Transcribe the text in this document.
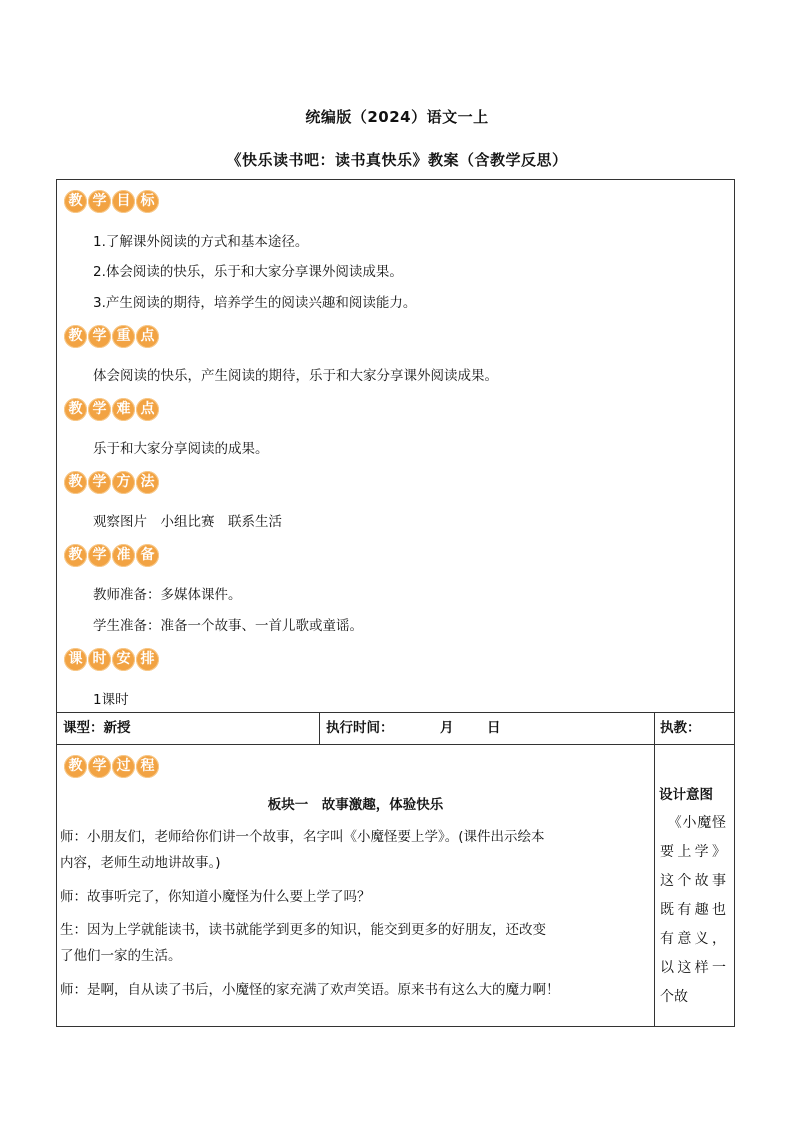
统编版（2024）语文一上
《快乐读书吧：读书真快乐》教案（含教学反思）
教 学 目 标
1.了解课外阅读的方式和基本途径。
2.体会阅读的快乐，乐于和大家分享课外阅读成果。
3.产生阅读的期待，培养学生的阅读兴趣和阅读能力。
教 学 重 点
体会阅读的快乐，产生阅读的期待，乐于和大家分享课外阅读成果。
教 学 难 点
乐于和大家分享阅读的成果。
教 学 方 法
观察图片　小组比赛　联系生活
教 学 准 备
教师准备：多媒体课件。
学生准备：准备一个故事、一首儿歌或童谣。
课 时 安 排
1课时
课型：新授	执行时间：	月 日	执教：
教 学 过 程
板块一　故事激趣，体验快乐
师：小朋友们，老师给你们讲一个故事，名字叫《小魔怪要上学》。(课件出示绘本
内容，老师生动地讲故事。)
师：故事听完了，你知道小魔怪为什么要上学了吗？
生：因为上学就能读书，读书就能学到更多的知识，能交到更多的好朋友，还改变
了他们一家的生活。
师：是啊，自从读了书后，小魔怪的家充满了欢声笑语。原来书有这么大的魔力啊！
设计意图
　《小魔怪要上学》这个故事既有趣也有意义，以这样一个故
